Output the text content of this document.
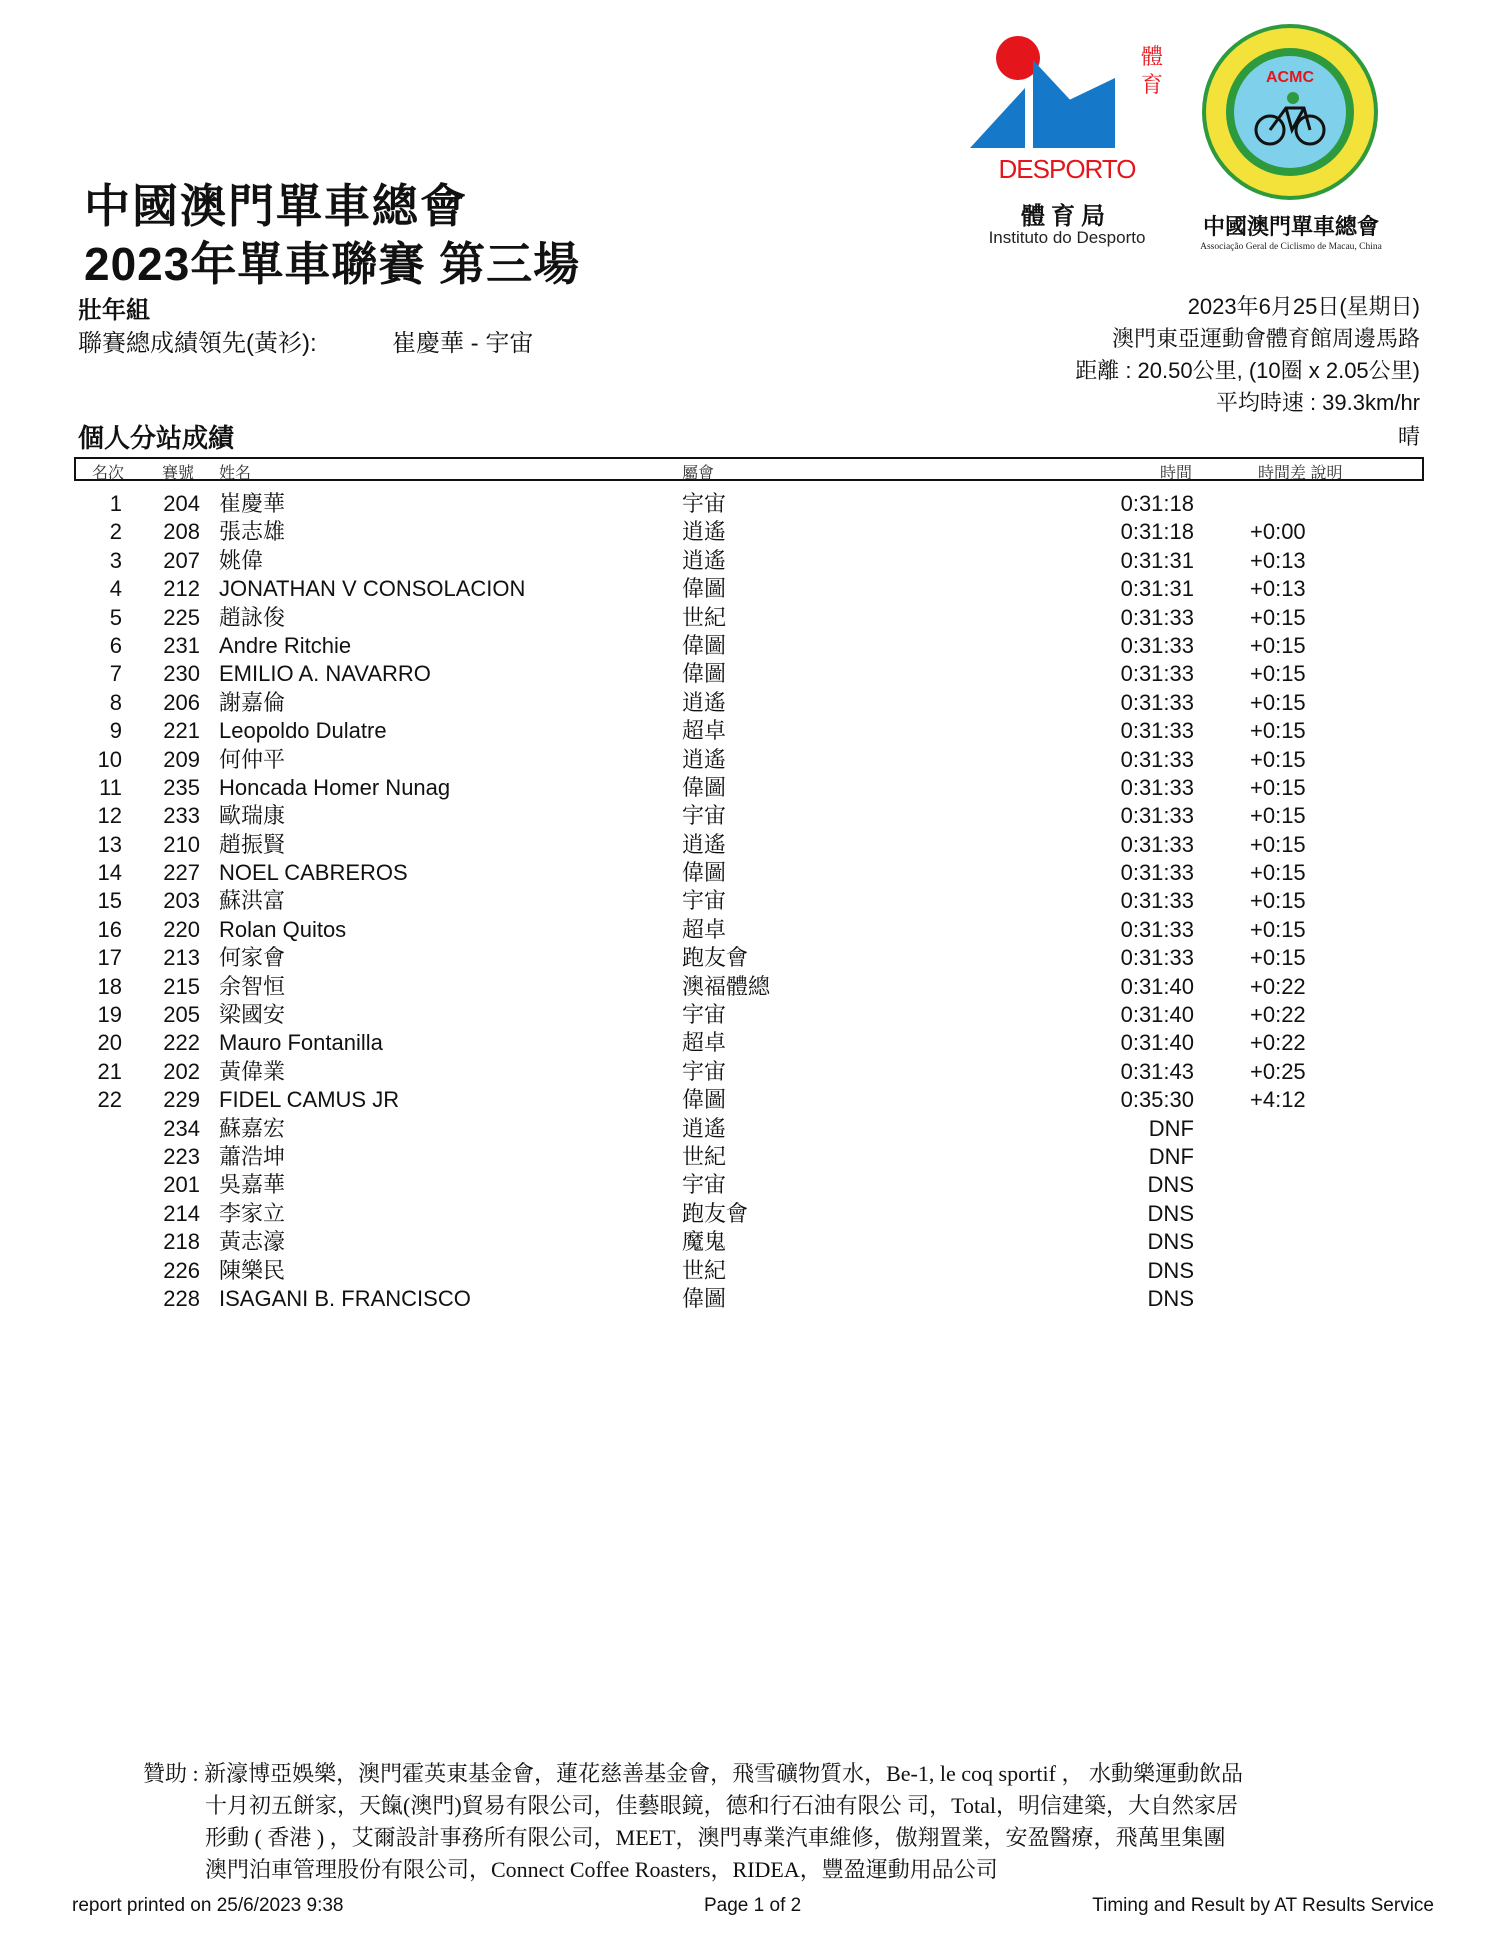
體
育
DESPORTO
體育局
Instituto do Desporto
ACMC
中國澳門單車總會
Associação Geral de Ciclismo de Macau, China
中國澳門單車總會
2023年單車聯賽 第三場
壯年組
聯賽總成績領先(黃衫):	崔慶華 - 宇宙
2023年6月25日(星期日)
澳門東亞運動會體育館周邊馬路
距離 : 20.50公里, (10圈 x 2.05公里)
平均時速 : 39.3km/hr
個人分站成績	晴
名次 賽號 姓名	屬會	時間	時間差 說明
1	204 崔慶華	宇宙	0:31:18
2	208 張志雄	逍遙	0:31:18	+0:00
3	207 姚偉	逍遙	0:31:31	+0:13
4	212 JONATHAN V CONSOLACION	偉圖	0:31:31	+0:13
5	225 趙詠俊	世紀	0:31:33	+0:15
6	231 Andre Ritchie	偉圖	0:31:33	+0:15
7	230 EMILIO A. NAVARRO	偉圖	0:31:33	+0:15
8	206 謝嘉倫	逍遙	0:31:33	+0:15
9	221 Leopoldo Dulatre	超卓	0:31:33	+0:15
10	209 何仲平	逍遙	0:31:33	+0:15
11	235 Honcada Homer Nunag	偉圖	0:31:33	+0:15
12	233 歐瑞康	宇宙	0:31:33	+0:15
13	210 趙振賢	逍遙	0:31:33	+0:15
14	227 NOEL CABREROS	偉圖	0:31:33	+0:15
15	203 蘇洪富	宇宙	0:31:33	+0:15
16	220 Rolan Quitos	超卓	0:31:33	+0:15
17	213 何家會	跑友會	0:31:33	+0:15
18	215 余智恒	澳福體總	0:31:40	+0:22
19	205 梁國安	宇宙	0:31:40	+0:22
20	222 Mauro Fontanilla	超卓	0:31:40	+0:22
21	202 黃偉業	宇宙	0:31:43	+0:25
22	229 FIDEL CAMUS JR	偉圖	0:35:30	+4:12
234 蘇嘉宏	逍遙	DNF
223 蕭浩坤	世紀	DNF
201 吳嘉華	宇宙	DNS
214 李家立	跑友會	DNS
218 黃志濠	魔鬼	DNS
226 陳樂民	世紀	DNS
228 ISAGANI B. FRANCISCO	偉圖	DNS
贊助 : 新濠博亞娛樂，澳門霍英東基金會，蓮花慈善基金會，飛雪礦物質水，Be-1, le coq sportif ， 水動樂運動飲品
十月初五餅家，天餼(澳門)貿易有限公司，佳藝眼鏡，德和行石油有限公 司，Total，明信建築，大自然家居
形動 ( 香港 ) ，艾爾設計事務所有限公司，MEET，澳門專業汽車維修，傲翔置業，安盈醫療，飛萬里集團
澳門泊車管理股份有限公司，Connect Coffee Roasters，RIDEA，豐盈運動用品公司
report printed on 25/6/2023 9:38	Page 1 of 2	Timing and Result by AT Results Service
